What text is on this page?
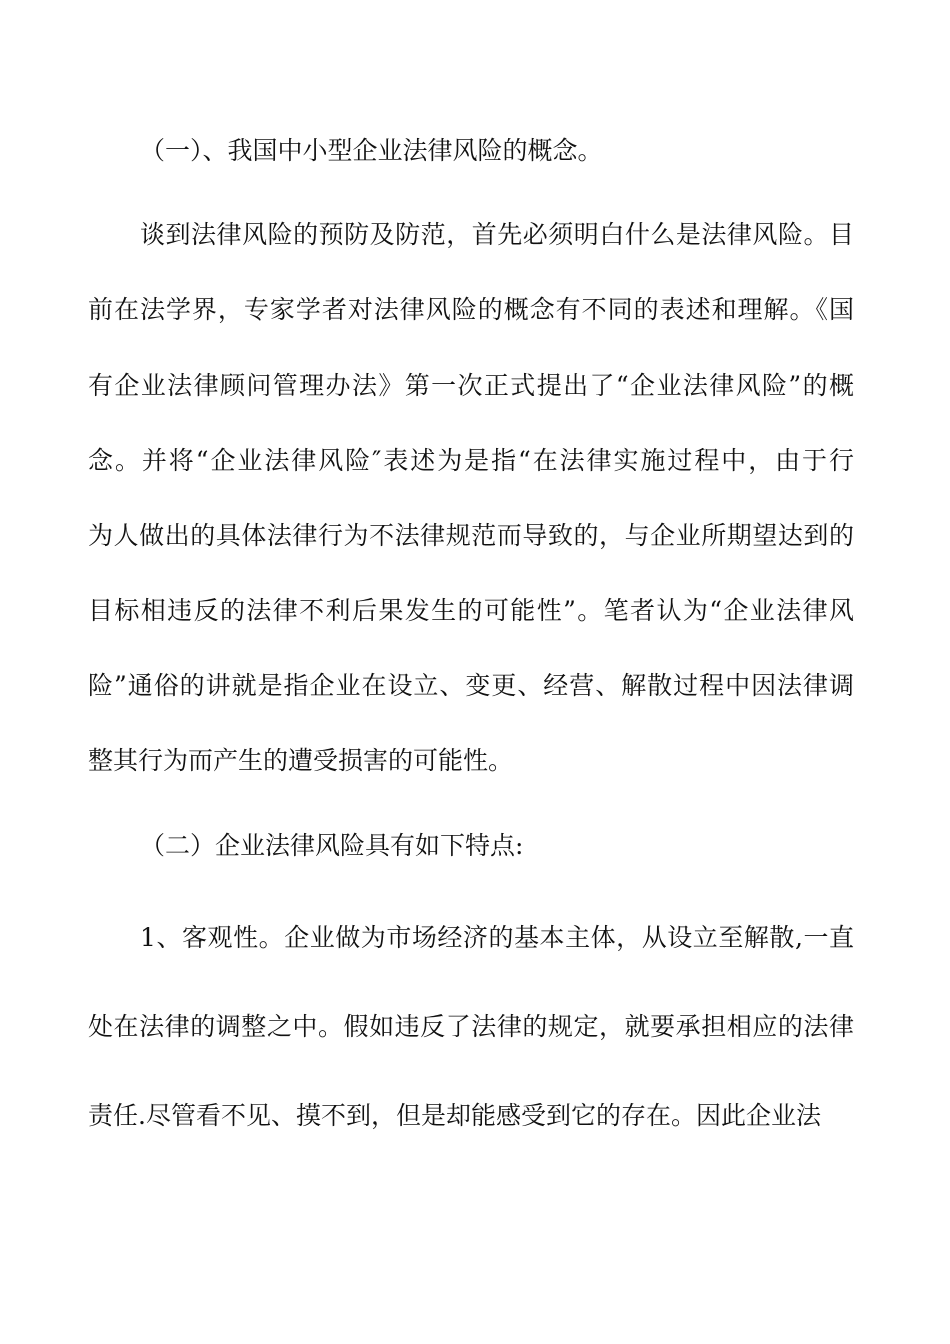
（一）、我国中小型企业法律风险的概念。
谈到法律风险的预防及防范，首先必须明白什么是法律风险。目
前在法学界，专家学者对法律风险的概念有不同的表述和理解。《国
有企业法律顾问管理办法》第一次正式提出了“企业法律风险”的概
念。并将“企业法律风险″表述为是指“在法律实施过程中，由于行
为人做出的具体法律行为不法律规范而导致的，与企业所期望达到的
目标相违反的法律不利后果发生的可能性”。笔者认为“企业法律风
险”通俗的讲就是指企业在设立、变更、经营、解散过程中因法律调
整其行为而产生的遭受损害的可能性。
（二）企业法律风险具有如下特点:
1、客观性。企业做为市场经济的基本主体，从设立至解散,一直
处在法律的调整之中。假如违反了法律的规定，就要承担相应的法律
责任.尽管看不见、摸不到，但是却能感受到它的存在。因此企业法
